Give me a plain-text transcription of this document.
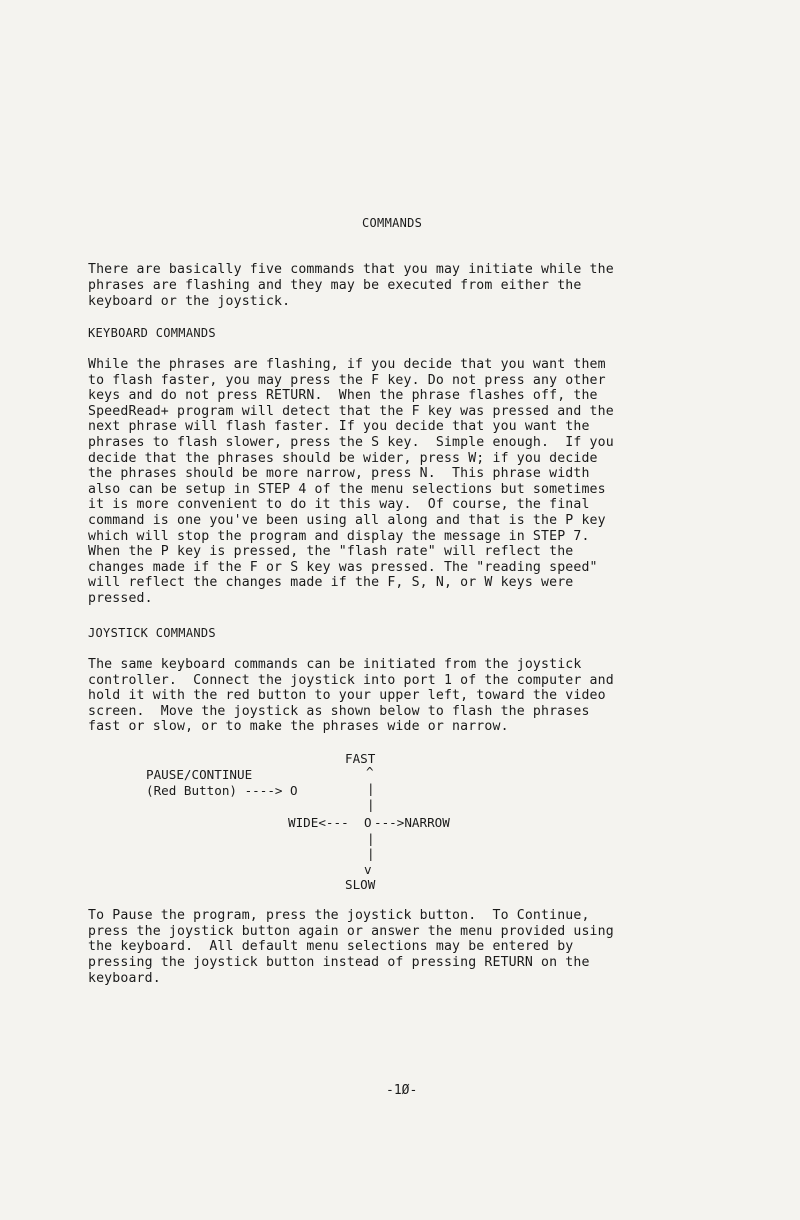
COMMANDS
There are basically five commands that you may initiate while the
phrases are flashing and they may be executed from either the
keyboard or the joystick.
KEYBOARD COMMANDS
While the phrases are flashing, if you decide that you want them
to flash faster, you may press the F key. Do not press any other
keys and do not press RETURN.  When the phrase flashes off, the
SpeedRead+ program will detect that the F key was pressed and the
next phrase will flash faster. If you decide that you want the
phrases to flash slower, press the S key.  Simple enough.  If you
decide that the phrases should be wider, press W; if you decide
the phrases should be more narrow, press N.  This phrase width
also can be setup in STEP 4 of the menu selections but sometimes
it is more convenient to do it this way.  Of course, the final
command is one you've been using all along and that is the P key
which will stop the program and display the message in STEP 7.
When the P key is pressed, the "flash rate" will reflect the
changes made if the F or S key was pressed. The "reading speed"
will reflect the changes made if the F, S, N, or W keys were
pressed.
JOYSTICK COMMANDS
The same keyboard commands can be initiated from the joystick
controller.  Connect the joystick into port 1 of the computer and
hold it with the red button to your upper left, toward the video
screen.  Move the joystick as shown below to flash the phrases
fast or slow, or to make the phrases wide or narrow.
FAST
^
PAUSE/CONTINUE
(Red Button) ----> O	|
|
WIDE<--- O --->NARROW
|
|
v
SLOW
To Pause the program, press the joystick button.  To Continue,
press the joystick button again or answer the menu provided using
the keyboard.  All default menu selections may be entered by
pressing the joystick button instead of pressing RETURN on the
keyboard.
-1Ø-
